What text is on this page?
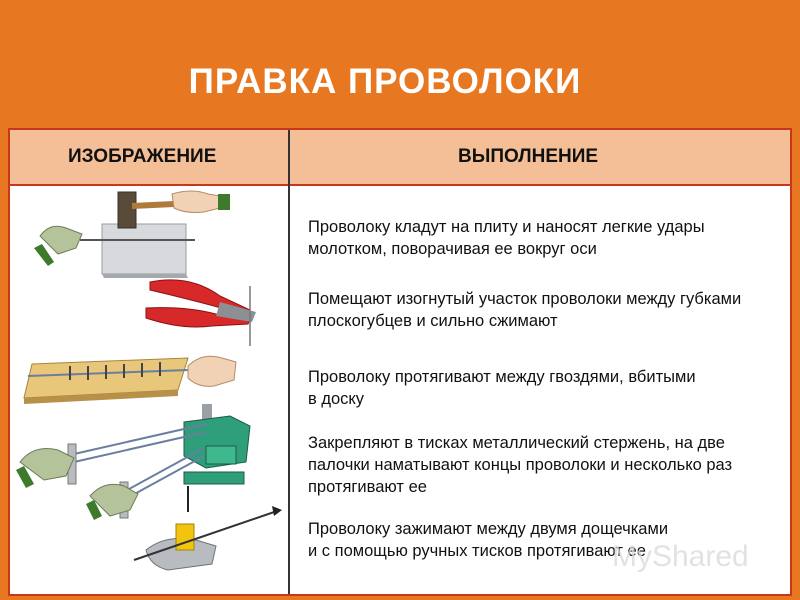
ПРАВКА ПРОВОЛОКИ
ИЗОБРАЖЕНИЕ	ВЫПОЛНЕНИЕ
Проволоку кладут на плиту и наносят легкие удары
молотком, поворачивая ее вокруг оси
Помещают изогнутый участок проволоки между губками
плоскогубцев и сильно сжимают
Проволоку протягивают между гвоздями, вбитыми
в доску
Закрепляют в тисках металлический стержень, на две
палочки наматывают концы проволоки и несколько раз
протягивают ее
Проволоку зажимают между двумя дощечками
и с помощью ручных тисков протягивают ее
MyShared
